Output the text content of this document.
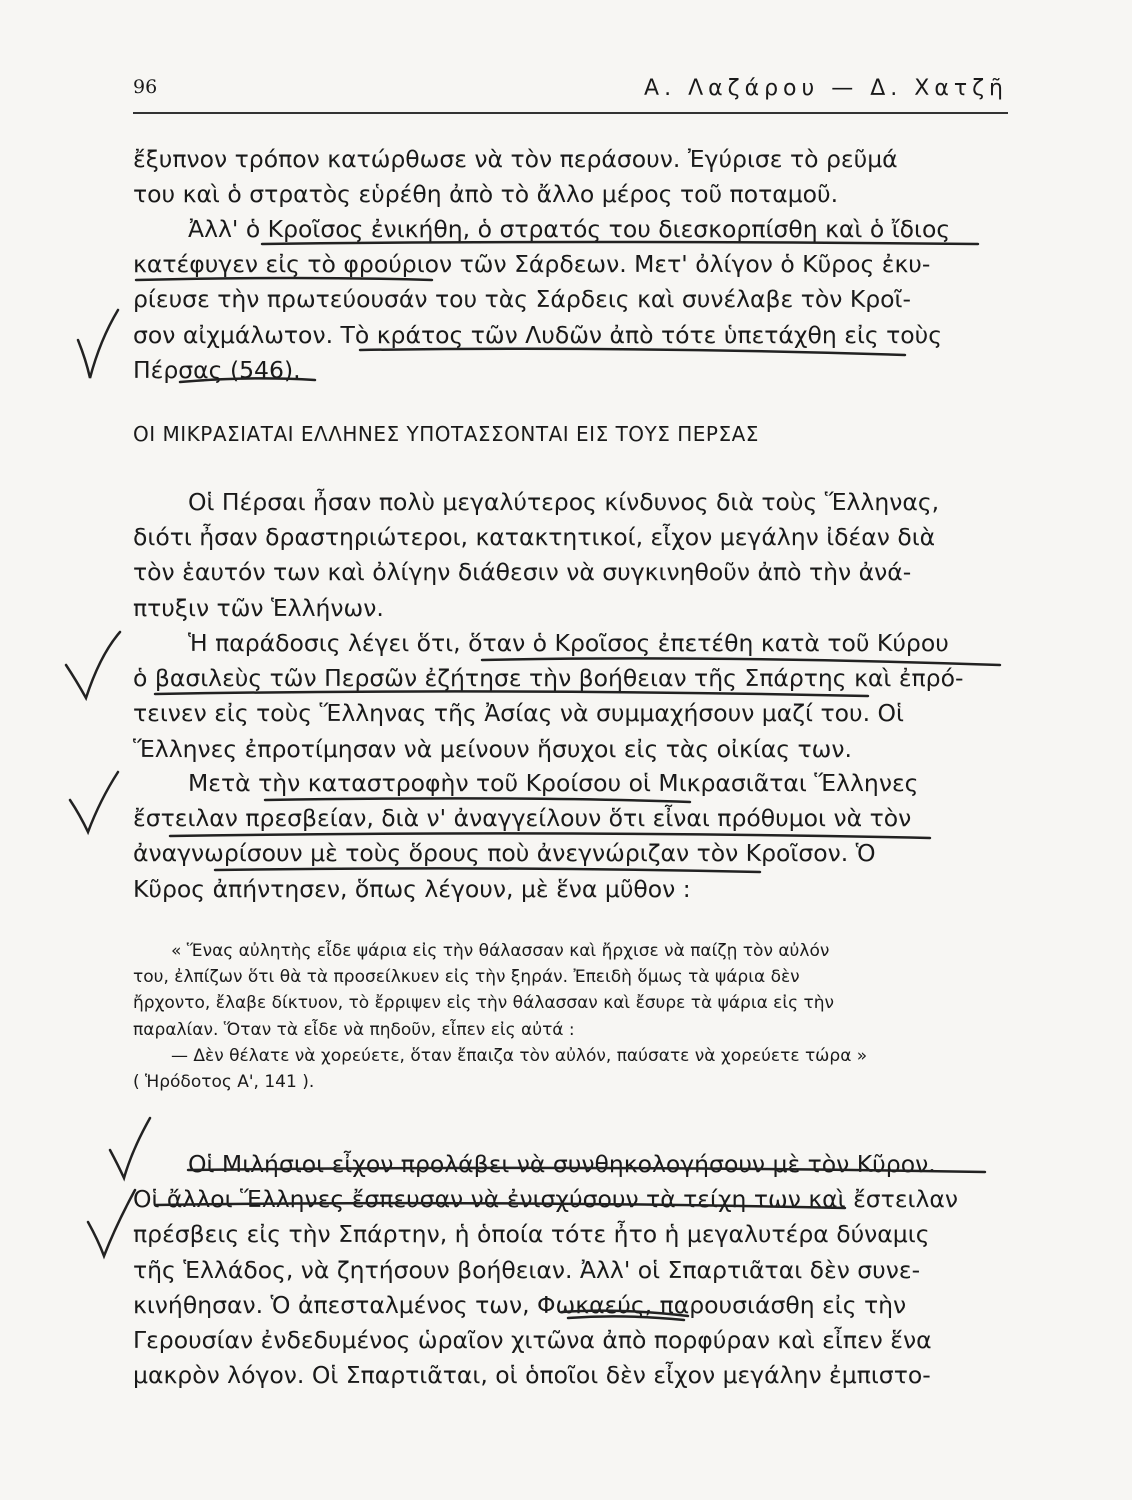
96	Α. Λαζάρου — Δ. Χατζῆ

ἔξυπνον τρόπον κατώρθωσε νὰ τὸν περάσουν. Ἐγύρισε τὸ ρεῦμά
του καὶ ὁ στρατὸς εὑρέθη ἀπὸ τὸ ἄλλο μέρος τοῦ ποταμοῦ.

Ἀλλ' ὁ Κροῖσος ἐνικήθη, ὁ στρατός του διεσκορπίσθη καὶ ὁ ἴδιος
κατέφυγεν εἰς τὸ φρούριον τῶν Σάρδεων. Μετ' ὀλίγον ὁ Κῦρος ἐκυ-
ρίευσε τὴν πρωτεύουσάν του τὰς Σάρδεις καὶ συνέλαβε τὸν Κροῖ-
σον αἰχμάλωτον. Τὸ κράτος τῶν Λυδῶν ἀπὸ τότε ὑπετάχθη εἰς τοὺς
Πέρσας (546).

ΟΙ ΜΙΚΡΑΣΙΑΤΑΙ ΕΛΛΗΝΕΣ ΥΠΟΤΑΣΣΟΝΤΑΙ ΕΙΣ ΤΟΥΣ ΠΕΡΣΑΣ

Οἱ Πέρσαι ἦσαν πολὺ μεγαλύτερος κίνδυνος διὰ τοὺς Ἕλληνας,
διότι ἦσαν δραστηριώτεροι, κατακτητικοί, εἶχον μεγάλην ἰδέαν διὰ
τὸν ἑαυτόν των καὶ ὀλίγην διάθεσιν νὰ συγκινηθοῦν ἀπὸ τὴν ἀνά-
πτυξιν τῶν Ἑλλήνων.

Ἡ παράδοσις λέγει ὅτι, ὅταν ὁ Κροῖσος ἐπετέθη κατὰ τοῦ Κύρου
ὁ βασιλεὺς τῶν Περσῶν ἐζήτησε τὴν βοήθειαν τῆς Σπάρτης καὶ ἐπρό-
τεινεν εἰς τοὺς Ἕλληνας τῆς Ἀσίας νὰ συμμαχήσουν μαζί του. Οἱ
Ἕλληνες ἐπροτίμησαν νὰ μείνουν ἥσυχοι εἰς τὰς οἰκίας των.

Μετὰ τὴν καταστροφὴν τοῦ Κροίσου οἱ Μικρασιᾶται Ἕλληνες
ἔστειλαν πρεσβείαν, διὰ ν' ἀναγγείλουν ὅτι εἶναι πρόθυμοι νὰ τὸν
ἀναγνωρίσουν μὲ τοὺς ὅρους ποὺ ἀνεγνώριζαν τὸν Κροῖσον. Ὁ
Κῦρος ἀπήντησεν, ὅπως λέγουν, μὲ ἕνα μῦθον :

« Ἕνας αὐλητὴς εἶδε ψάρια εἰς τὴν θάλασσαν καὶ ἤρχισε νὰ παίζῃ τὸν αὐλόν
του, ἐλπίζων ὅτι θὰ τὰ προσείλκυεν εἰς τὴν ξηράν. Ἐπειδὴ ὅμως τὰ ψάρια δὲν
ἤρχοντο, ἔλαβε δίκτυον, τὸ ἔρριψεν εἰς τὴν θάλασσαν καὶ ἔσυρε τὰ ψάρια εἰς τὴν
παραλίαν. Ὅταν τὰ εἶδε νὰ πηδοῦν, εἶπεν εἰς αὐτά :
— Δὲν θέλατε νὰ χορεύετε, ὅταν ἔπαιζα τὸν αὐλόν, παύσατε νὰ χορεύετε τώρα »
( Ἡρόδοτος Α', 141 ).

Οἱ Μιλήσιοι εἶχον προλάβει νὰ συνθηκολογήσουν μὲ τὸν Κῦρον.
Οἱ ἄλλοι Ἕλληνες ἔσπευσαν νὰ ἐνισχύσουν τὰ τείχη των καὶ ἔστειλαν
πρέσβεις εἰς τὴν Σπάρτην, ἡ ὁποία τότε ἦτο ἡ μεγαλυτέρα δύναμις
τῆς Ἑλλάδος, νὰ ζητήσουν βοήθειαν. Ἀλλ' οἱ Σπαρτιᾶται δὲν συνε-
κινήθησαν. Ὁ ἀπεσταλμένος των, Φωκαεύς, παρουσιάσθη εἰς τὴν
Γερουσίαν ἐνδεδυμένος ὡραῖον χιτῶνα ἀπὸ πορφύραν καὶ εἶπεν ἕνα
μακρὸν λόγον. Οἱ Σπαρτιᾶται, οἱ ὁποῖοι δὲν εἶχον μεγάλην ἐμπιστο-
